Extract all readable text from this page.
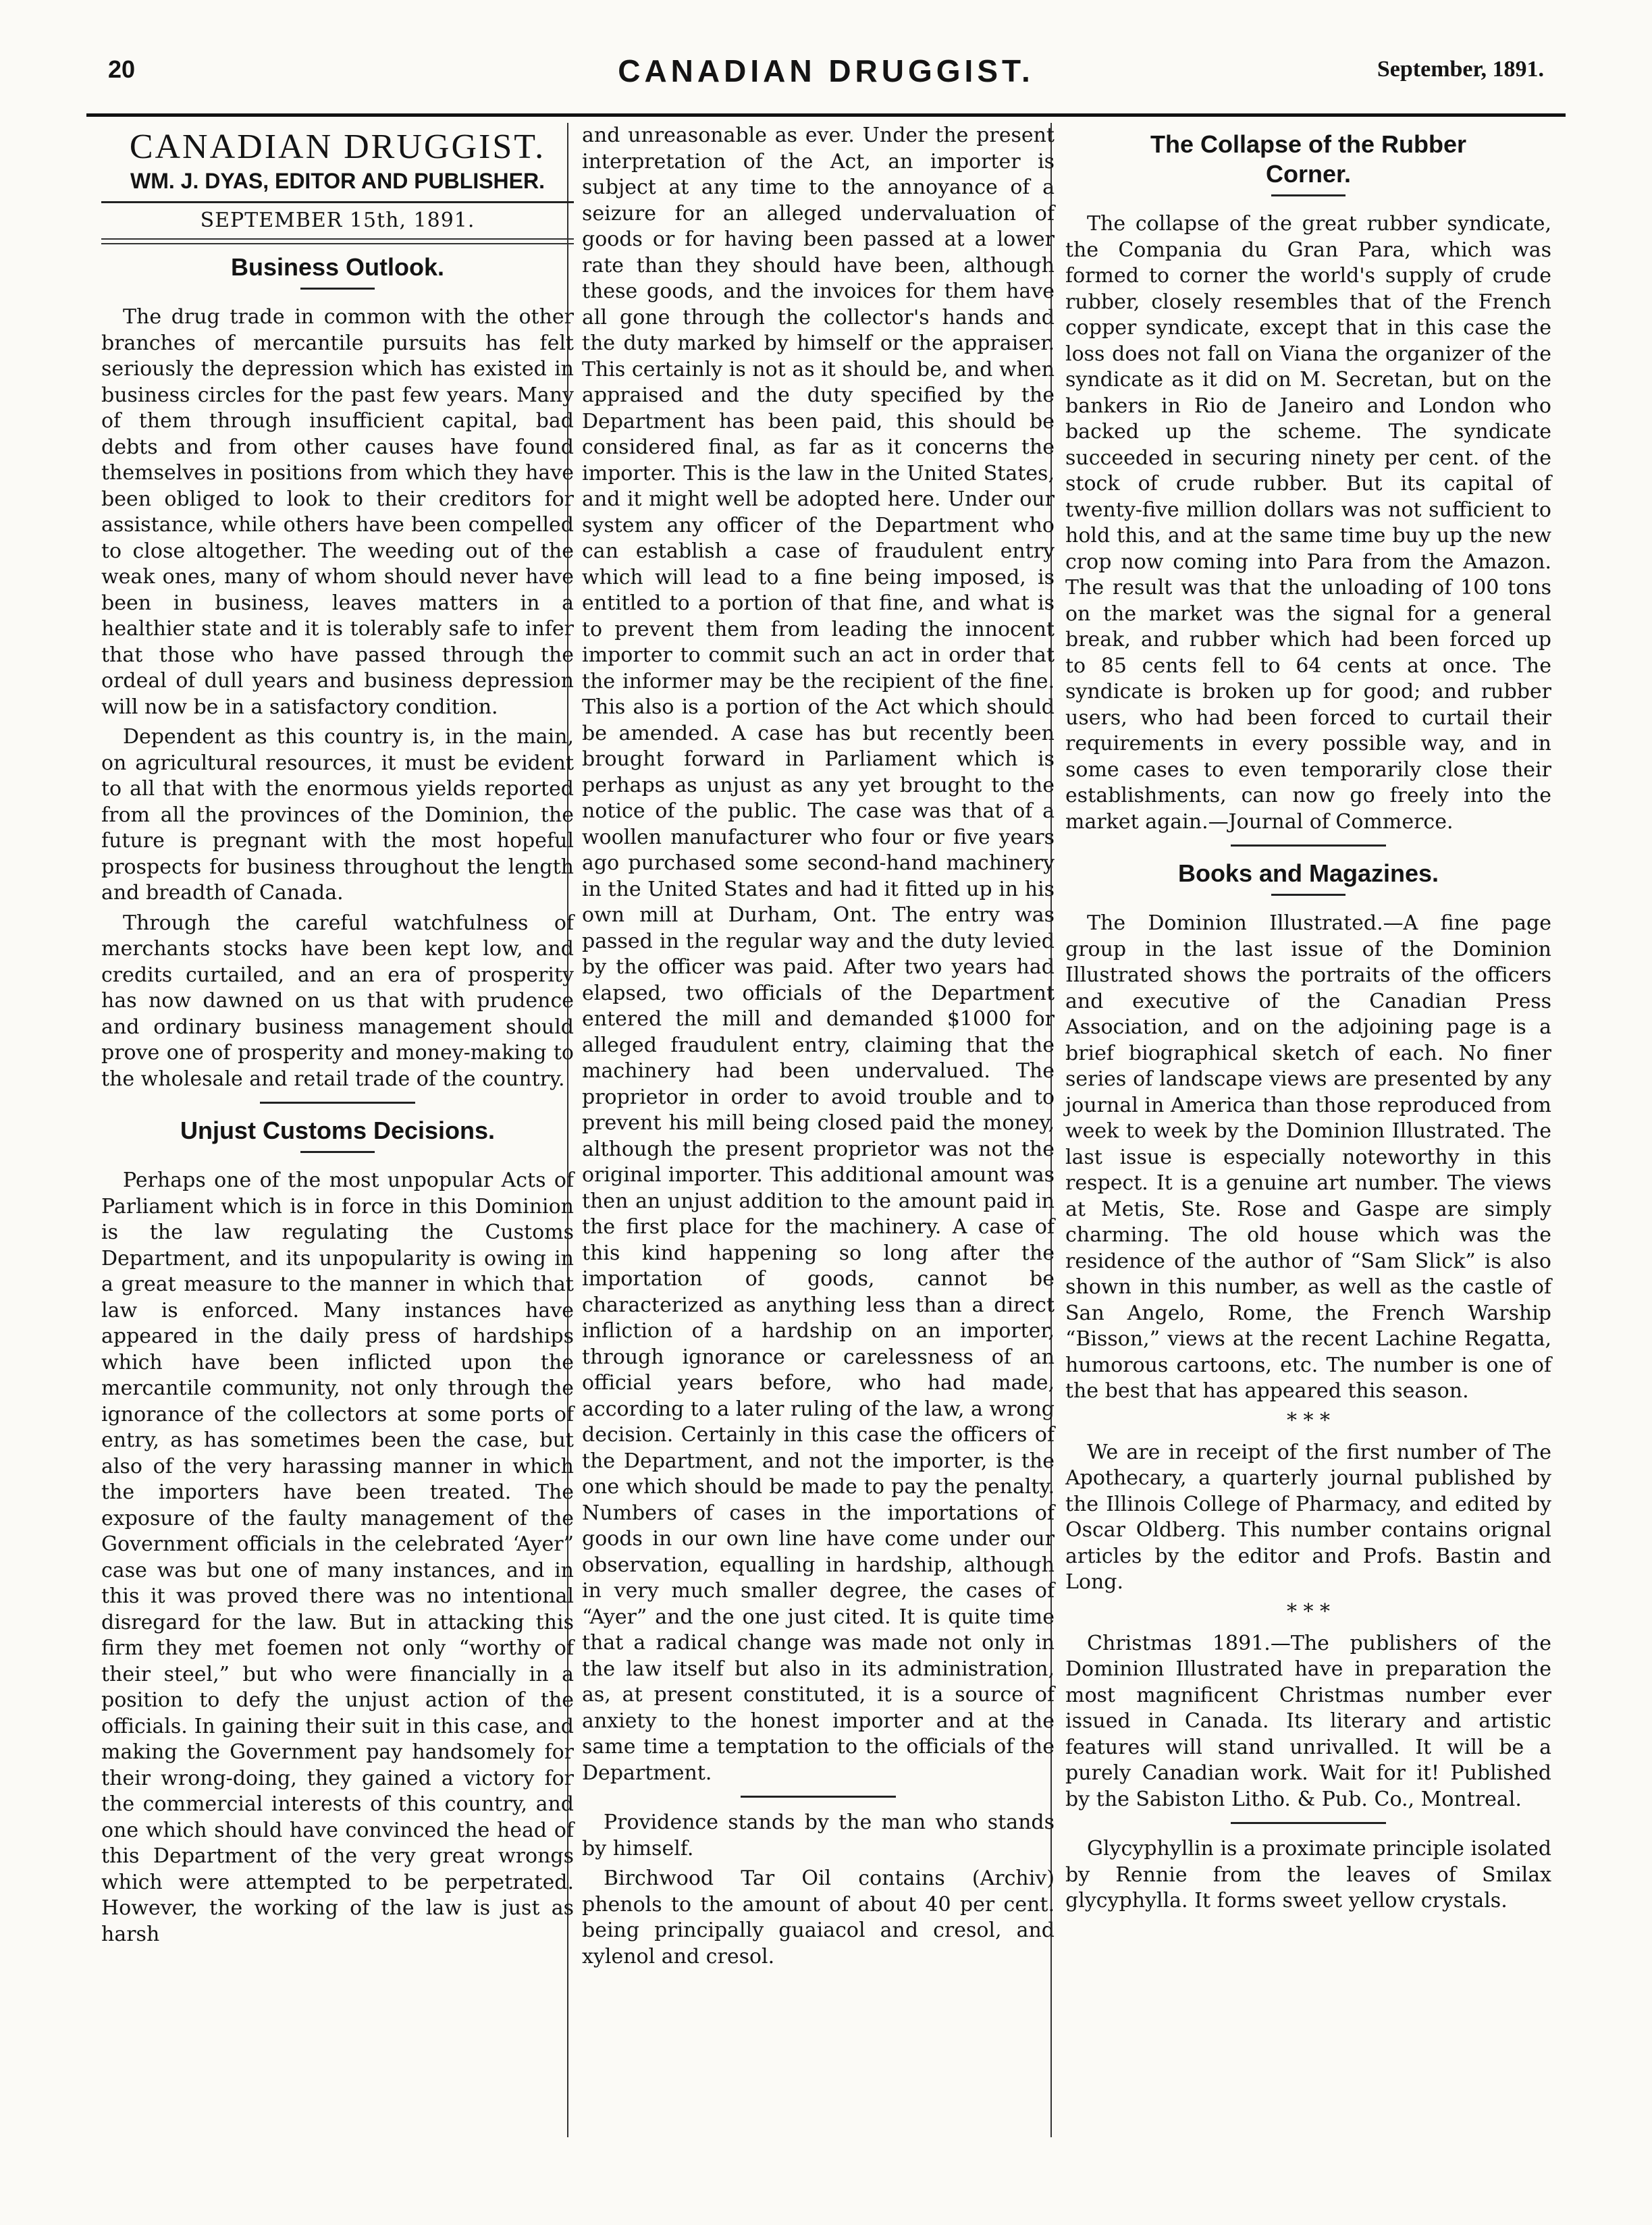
20	CANADIAN DRUGGIST.	September, 1891.
CANADIAN DRUGGIST.
WM. J. DYAS, EDITOR AND PUBLISHER.
SEPTEMBER 15th, 1891.
Business Outlook.

The drug trade in common with the other branches of mercantile pursuits has felt seriously the depression which has existed in business circles for the past few years. Many of them through insufficient capital, bad debts and from other causes have found themselves in positions from which they have been obliged to look to their creditors for assistance, while others have been compelled to close altogether. The weeding out of the weak ones, many of whom should never have been in business, leaves matters in a healthier state and it is tolerably safe to infer that those who have passed through the ordeal of dull years and business depression will now be in a satisfactory condition.

Dependent as this country is, in the main, on agricultural resources, it must be evident to all that with the enormous yields reported from all the provinces of the Dominion, the future is pregnant with the most hopeful prospects for business throughout the length and breadth of Canada.

Through the careful watchfulness of merchants stocks have been kept low, and credits curtailed, and an era of prosperity has now dawned on us that with prudence and ordinary business management should prove one of prosperity and money-making to the wholesale and retail trade of the country.

Unjust Customs Decisions.

Perhaps one of the most unpopular Acts of Parliament which is in force in this Dominion is the law regulating the Customs Department, and its unpopularity is owing in a great measure to the manner in which that law is enforced. Many instances have appeared in the daily press of hardships which have been inflicted upon the mercantile community, not only through the ignorance of the collectors at some ports of entry, as has sometimes been the case, but also of the very harassing manner in which the importers have been treated. The exposure of the faulty management of the Government officials in the celebrated ‘Ayer” case was but one of many instances, and in this it was proved there was no intentional disregard for the law. But in attacking this firm they met foemen not only “worthy of their steel,” but who were financially in a position to defy the unjust action of the officials. In gaining their suit in this case, and making the Government pay handsomely for their wrong-doing, they gained a victory for the commercial interests of this country, and one which should have convinced the head of this Department of the very great wrongs which were attempted to be perpetrated. However, the working of the law is just as harsh

and unreasonable as ever. Under the present interpretation of the Act, an importer is subject at any time to the annoyance of a seizure for an alleged undervaluation of goods or for having been passed at a lower rate than they should have been, although these goods, and the invoices for them have all gone through the collector's hands and the duty marked by himself or the appraiser. This certainly is not as it should be, and when appraised and the duty specified by the Department has been paid, this should be considered final, as far as it concerns the importer. This is the law in the United States, and it might well be adopted here. Under our system any officer of the Department who can establish a case of fraudulent entry which will lead to a fine being imposed, is entitled to a portion of that fine, and what is to prevent them from leading the innocent importer to commit such an act in order that the informer may be the recipient of the fine. This also is a portion of the Act which should be amended. A case has but recently been brought forward in Parliament which is perhaps as unjust as any yet brought to the notice of the public. The case was that of a woollen manufacturer who four or five years ago purchased some second-hand machinery in the United States and had it fitted up in his own mill at Durham, Ont. The entry was passed in the regular way and the duty levied by the officer was paid. After two years had elapsed, two officials of the Department entered the mill and demanded $1000 for alleged fraudulent entry, claiming that the machinery had been undervalued. The proprietor in order to avoid trouble and to prevent his mill being closed paid the money, although the present proprietor was not the original importer. This additional amount was then an unjust addition to the amount paid in the first place for the machinery. A case of this kind happening so long after the importation of goods, cannot be characterized as anything less than a direct infliction of a hardship on an importer, through ignorance or carelessness of an official years before, who had made, according to a later ruling of the law, a wrong decision. Certainly in this case the officers of the Department, and not the importer, is the one which should be made to pay the penalty. Numbers of cases in the importations of goods in our own line have come under our observation, equalling in hardship, although in very much smaller degree, the cases of “Ayer” and the one just cited. It is quite time that a radical change was made not only in the law itself but also in its administration, as, at present constituted, it is a source of anxiety to the honest importer and at the same time a temptation to the officials of the Department.

Providence stands by the man who stands by himself.

Birchwood Tar Oil contains (Archiv) phenols to the amount of about 40 per cent. being principally guaiacol and cresol, and xylenol and cresol.

The Collapse of the Rubber
Corner.

The collapse of the great rubber syndicate, the Compania du Gran Para, which was formed to corner the world's supply of crude rubber, closely resembles that of the French copper syndicate, except that in this case the loss does not fall on Viana the organizer of the syndicate as it did on M. Secretan, but on the bankers in Rio de Janeiro and London who backed up the scheme. The syndicate succeeded in securing ninety per cent. of the stock of crude rubber. But its capital of twenty-five million dollars was not sufficient to hold this, and at the same time buy up the new crop now coming into Para from the Amazon. The result was that the unloading of 100 tons on the market was the signal for a general break, and rubber which had been forced up to 85 cents fell to 64 cents at once. The syndicate is broken up for good; and rubber users, who had been forced to curtail their requirements in every possible way, and in some cases to even temporarily close their establishments, can now go freely into the market again.—Journal of Commerce.

Books and Magazines.

The Dominion Illustrated.—A fine page group in the last issue of the Dominion Illustrated shows the portraits of the officers and executive of the Canadian Press Association, and on the adjoining page is a brief biographical sketch of each. No finer series of landscape views are presented by any journal in America than those reproduced from week to week by the Dominion Illustrated. The last issue is especially noteworthy in this respect. It is a genuine art number. The views at Metis, Ste. Rose and Gaspe are simply charming. The old house which was the residence of the author of “Sam Slick” is also shown in this number, as well as the castle of San Angelo, Rome, the French Warship “Bisson,” views at the recent Lachine Regatta, humorous cartoons, etc. The number is one of the best that has appeared this season.

* * *

We are in receipt of the first number of The Apothecary, a quarterly journal published by the Illinois College of Pharmacy, and edited by Oscar Oldberg. This number contains orignal articles by the editor and Profs. Bastin and Long.

* * *

Christmas 1891.—The publishers of the Dominion Illustrated have in preparation the most magnificent Christmas number ever issued in Canada. Its literary and artistic features will stand unrivalled. It will be a purely Canadian work. Wait for it! Published by the Sabiston Litho. & Pub. Co., Montreal.

Glycyphyllin is a proximate principle isolated by Rennie from the leaves of Smilax glycyphylla. It forms sweet yellow crystals.
